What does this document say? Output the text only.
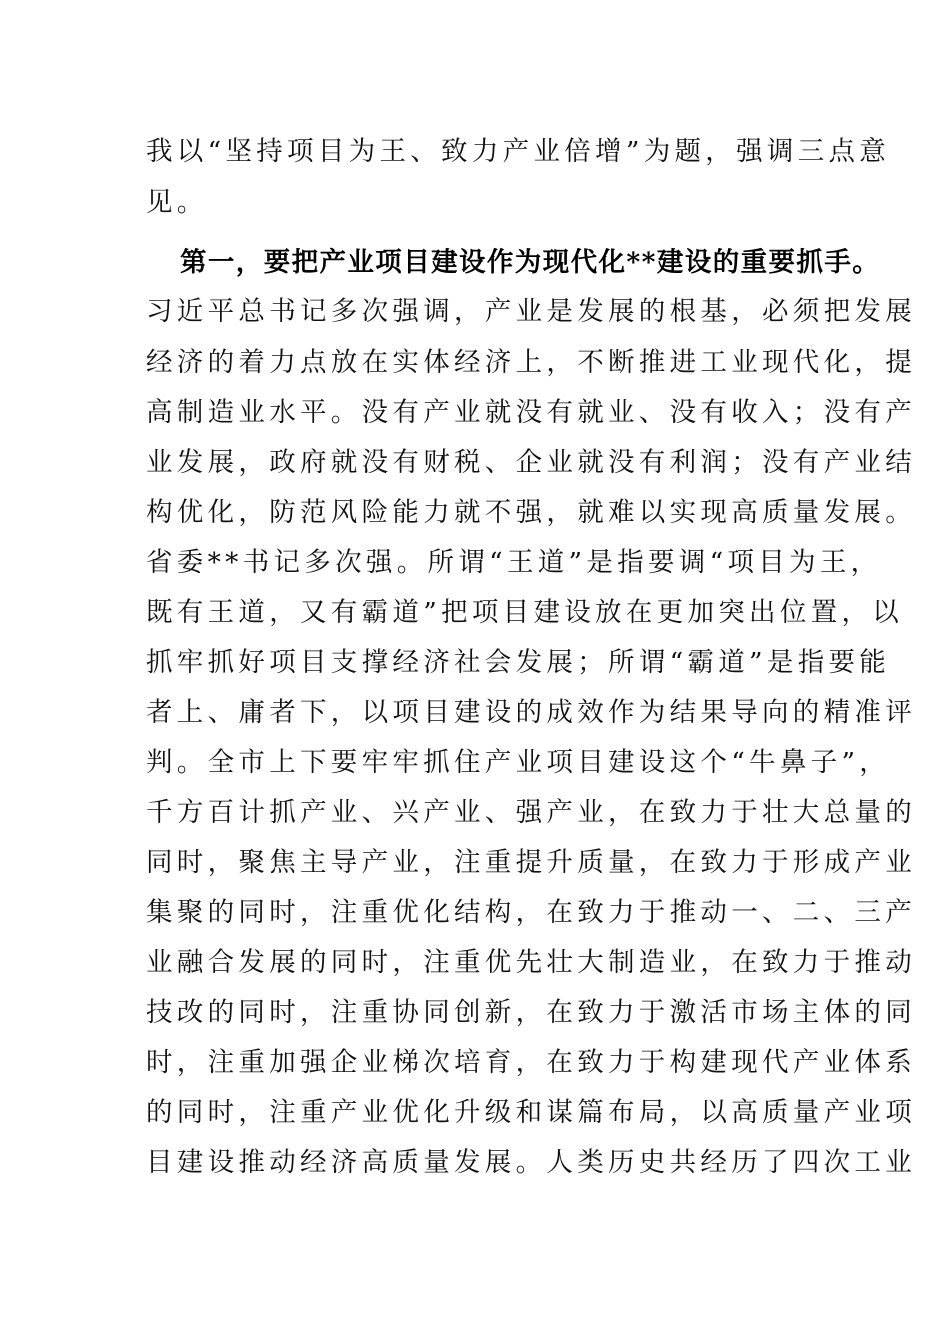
我以“坚持项目为王、致力产业倍增”为题，强调三点意
见。
第一，要把产业项目建设作为现代化**建设的重要抓手。
习近平总书记多次强调，产业是发展的根基，必须把发展
经济的着力点放在实体经济上，不断推进工业现代化，提
高制造业水平。没有产业就没有就业、没有收入；没有产
业发展，政府就没有财税、企业就没有利润；没有产业结
构优化，防范风险能力就不强，就难以实现高质量发展。
省委**书记多次强。所谓“王道”是指要调“项目为王，
既有王道，又有霸道”把项目建设放在更加突出位置，以
抓牢抓好项目支撑经济社会发展；所谓“霸道”是指要能
者上、庸者下，以项目建设的成效作为结果导向的精准评
判。全市上下要牢牢抓住产业项目建设这个“牛鼻子”，
千方百计抓产业、兴产业、强产业，在致力于壮大总量的
同时，聚焦主导产业，注重提升质量，在致力于形成产业
集聚的同时，注重优化结构，在致力于推动一、二、三产
业融合发展的同时，注重优先壮大制造业，在致力于推动
技改的同时，注重协同创新，在致力于激活市场主体的同
时，注重加强企业梯次培育，在致力于构建现代产业体系
的同时，注重产业优化升级和谋篇布局，以高质量产业项
目建设推动经济高质量发展。人类历史共经历了四次工业
